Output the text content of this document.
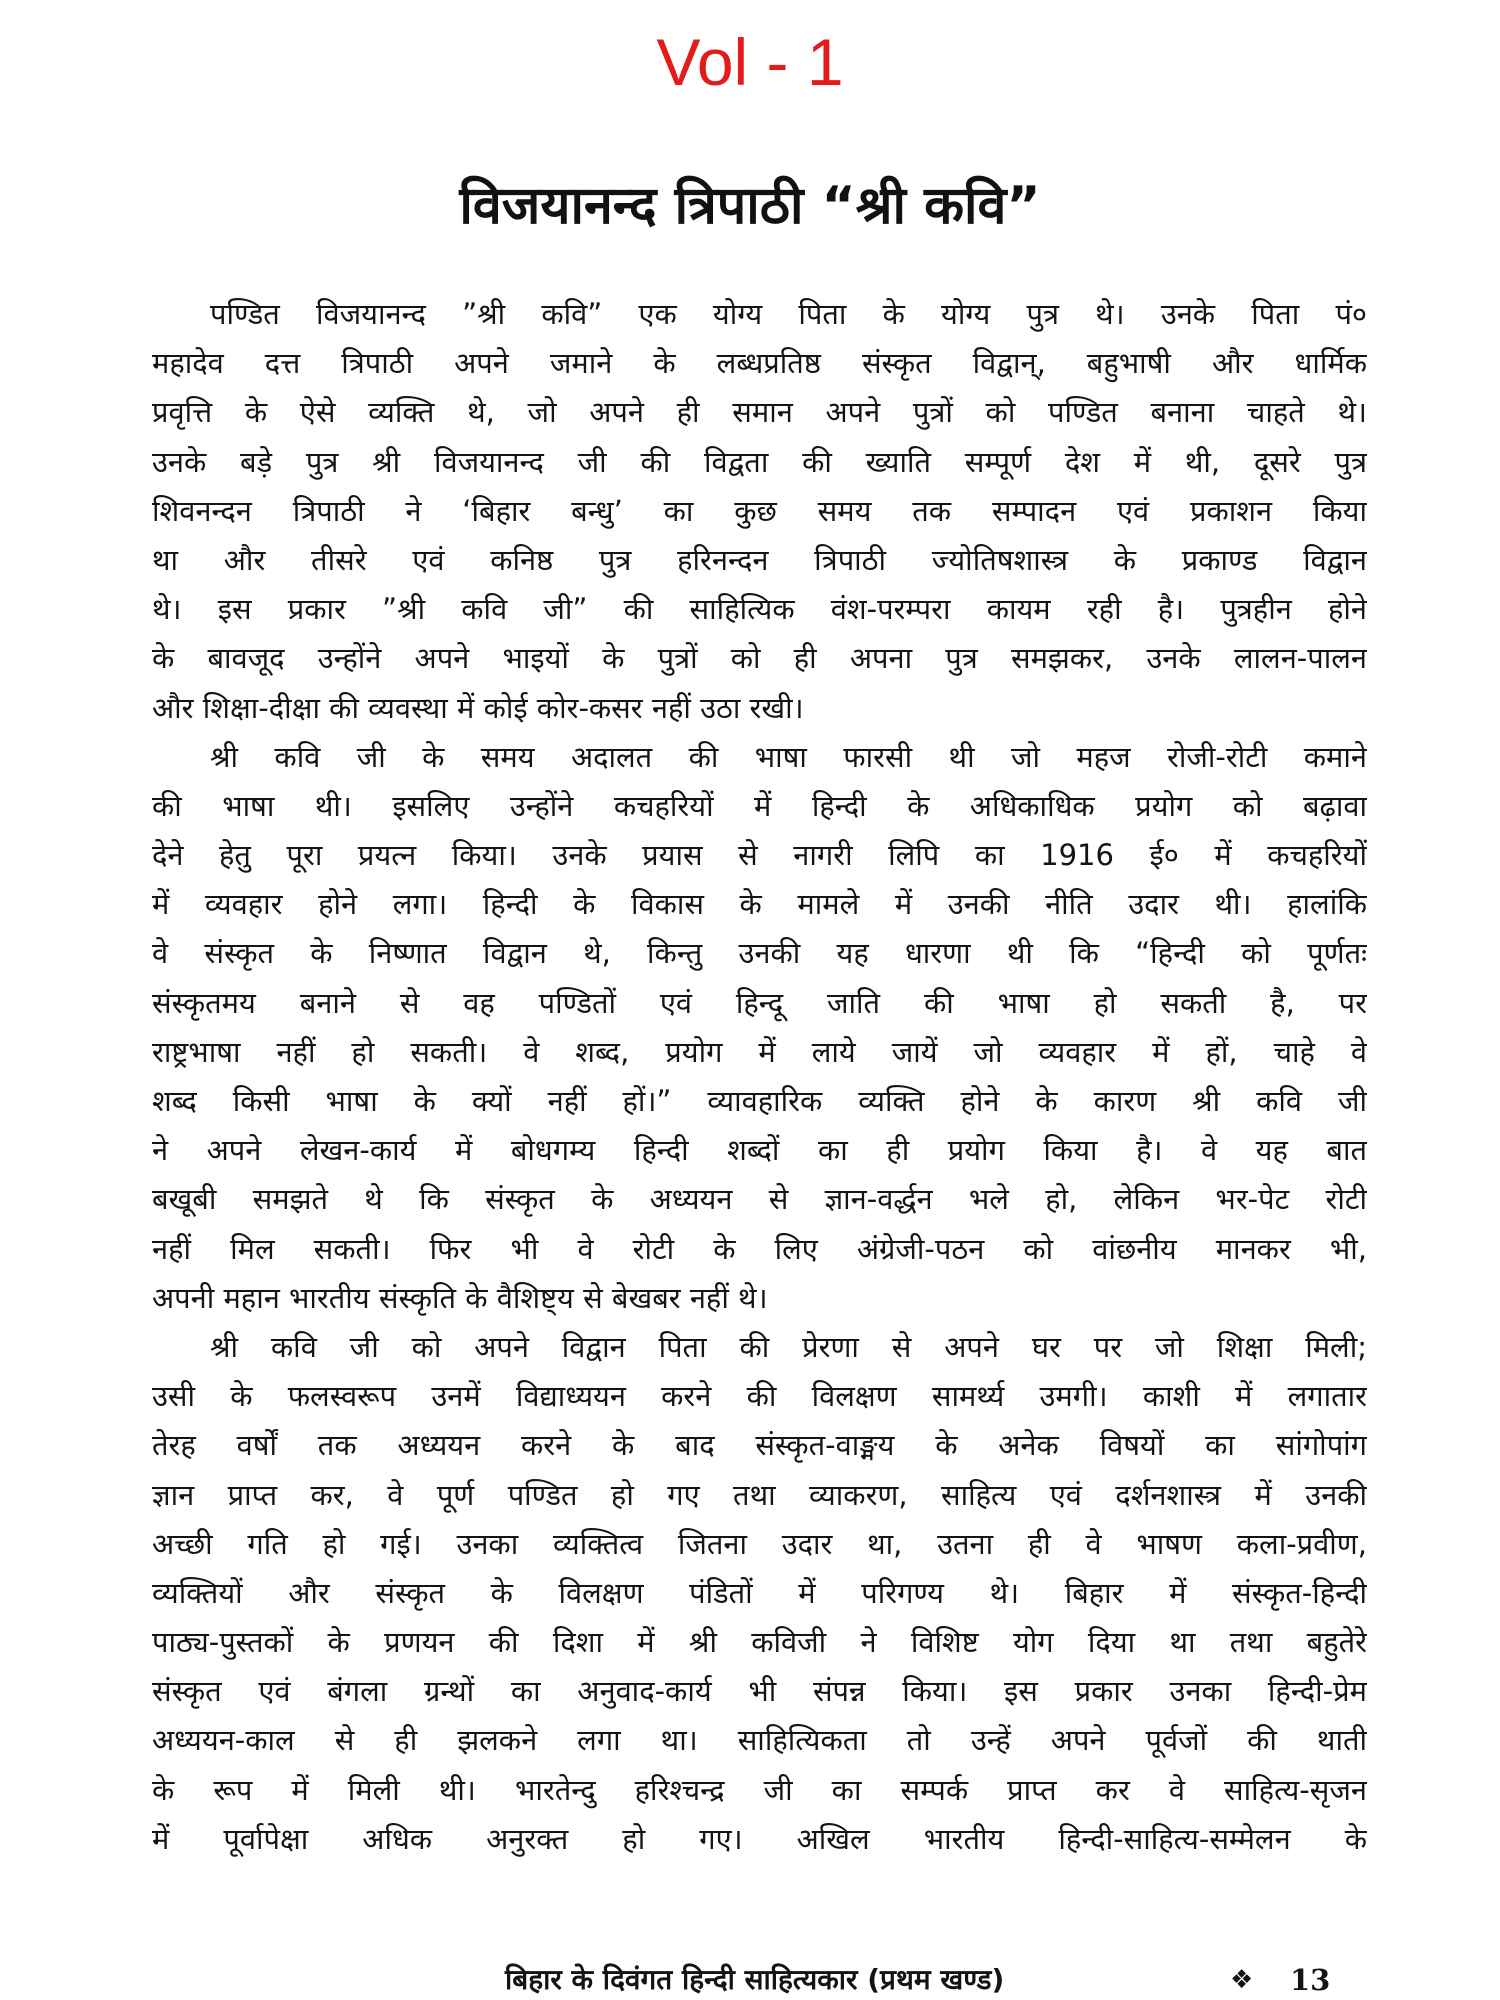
Vol - 1
विजयानन्द त्रिपाठी “श्री कवि”
पण्डित विजयानन्द ”श्री कवि” एक योग्य पिता के योग्य पुत्र थे। उनके पिता पं०
महादेव दत्त त्रिपाठी अपने जमाने के लब्धप्रतिष्ठ संस्कृत विद्वान्, बहुभाषी और धार्मिक
प्रवृत्ति के ऐसे व्यक्ति थे, जो अपने ही समान अपने पुत्रों को पण्डित बनाना चाहते थे।
उनके बड़े पुत्र श्री विजयानन्द जी की विद्वता की ख्याति सम्पूर्ण देश में थी, दूसरे पुत्र
शिवनन्दन त्रिपाठी ने ‘बिहार बन्धु’ का कुछ समय तक सम्पादन एवं प्रकाशन किया
था और तीसरे एवं कनिष्ठ पुत्र हरिनन्दन त्रिपाठी ज्योतिषशास्त्र के प्रकाण्ड विद्वान
थे। इस प्रकार ”श्री कवि जी” की साहित्यिक वंश-परम्परा कायम रही है। पुत्रहीन होने
के बावजूद उन्होंने अपने भाइयों के पुत्रों को ही अपना पुत्र समझकर, उनके लालन-पालन
और शिक्षा-दीक्षा की व्यवस्था में कोई कोर-कसर नहीं उठा रखी।
श्री कवि जी के समय अदालत की भाषा फारसी थी जो महज रोजी-रोटी कमाने
की भाषा थी। इसलिए उन्होंने कचहरियों में हिन्दी के अधिकाधिक प्रयोग को बढ़ावा
देने हेतु पूरा प्रयत्न किया। उनके प्रयास से नागरी लिपि का 1916 ई० में कचहरियों
में व्यवहार होने लगा। हिन्दी के विकास के मामले में उनकी नीति उदार थी। हालांकि
वे संस्कृत के निष्णात विद्वान थे, किन्तु उनकी यह धारणा थी कि “हिन्दी को पूर्णतः
संस्कृतमय बनाने से वह पण्डितों एवं हिन्दू जाति की भाषा हो सकती है, पर
राष्ट्रभाषा नहीं हो सकती। वे शब्द, प्रयोग में लाये जायें जो व्यवहार में हों, चाहे वे
शब्द किसी भाषा के क्यों नहीं हों।” व्यावहारिक व्यक्ति होने के कारण श्री कवि जी
ने अपने लेखन-कार्य में बोधगम्य हिन्दी शब्दों का ही प्रयोग किया है। वे यह बात
बखूबी समझते थे कि संस्कृत के अध्ययन से ज्ञान-वर्द्धन भले हो, लेकिन भर-पेट रोटी
नहीं मिल सकती। फिर भी वे रोटी के लिए अंग्रेजी-पठन को वांछनीय मानकर भी,
अपनी महान भारतीय संस्कृति के वैशिष्ट्य से बेखबर नहीं थे।
श्री कवि जी को अपने विद्वान पिता की प्रेरणा से अपने घर पर जो शिक्षा मिली;
उसी के फलस्वरूप उनमें विद्याध्ययन करने की विलक्षण सामर्थ्य उमगी। काशी में लगातार
तेरह वर्षों तक अध्ययन करने के बाद संस्कृत-वाङ्मय के अनेक विषयों का सांगोपांग
ज्ञान प्राप्त कर, वे पूर्ण पण्डित हो गए तथा व्याकरण, साहित्य एवं दर्शनशास्त्र में उनकी
अच्छी गति हो गई। उनका व्यक्तित्व जितना उदार था, उतना ही वे भाषण कला-प्रवीण,
व्यक्तियों और संस्कृत के विलक्षण पंडितों में परिगण्य थे। बिहार में संस्कृत-हिन्दी
पाठ्य-पुस्तकों के प्रणयन की दिशा में श्री कविजी ने विशिष्ट योग दिया था तथा बहुतेरे
संस्कृत एवं बंगला ग्रन्थों का अनुवाद-कार्य भी संपन्न किया। इस प्रकार उनका हिन्दी-प्रेम
अध्ययन-काल से ही झलकने लगा था। साहित्यिकता तो उन्हें अपने पूर्वजों की थाती
के रूप में मिली थी। भारतेन्दु हरिश्चन्द्र जी का सम्पर्क प्राप्त कर वे साहित्य-सृजन
में पूर्वापेक्षा अधिक अनुरक्त हो गए। अखिल भारतीय हिन्दी-साहित्य-सम्मेलन के
बिहार के दिवंगत हिन्दी साहित्यकार (प्रथम खण्ड)	❖ 13
